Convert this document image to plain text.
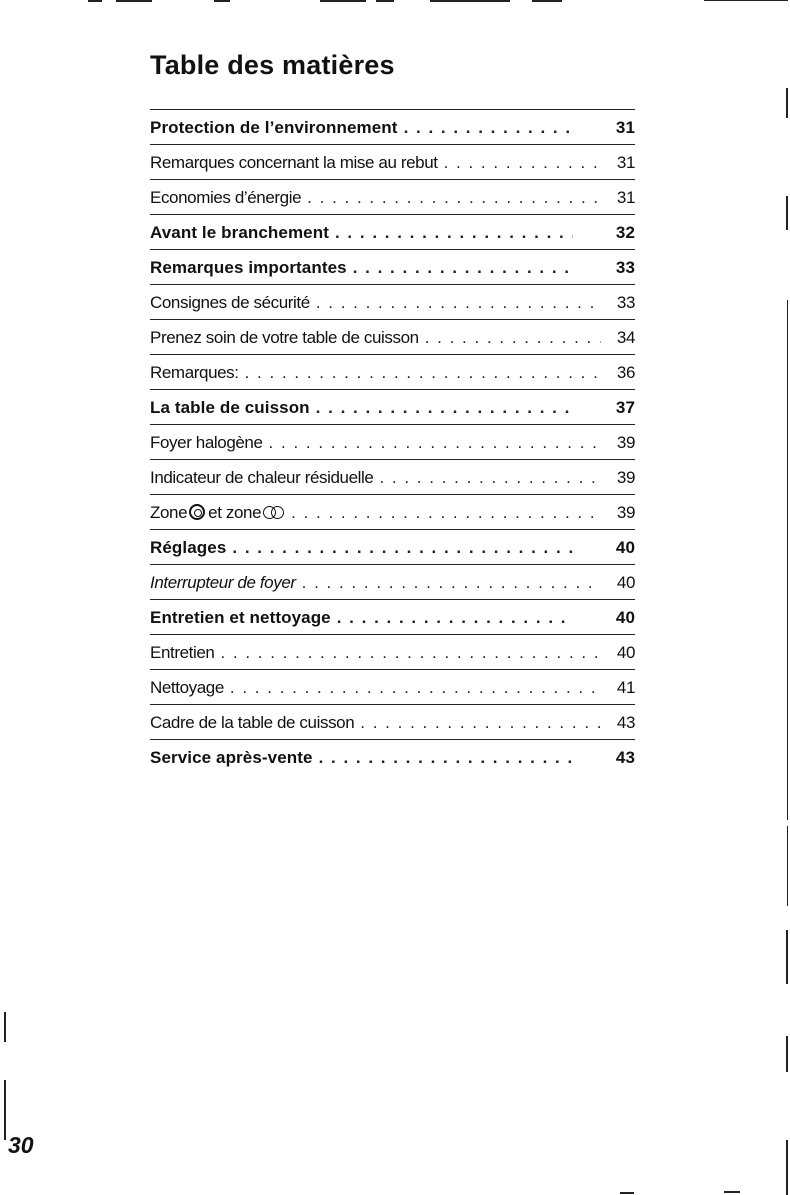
Table des matières
Protection de l’environnement . . .	31
Remarques concernant la mise au rebut . . .	31
Economies d’énergie . . .	31
Avant le branchement . . .	32
Remarques importantes . . .	33
Consignes de sécurité . . .	33
Prenez soin de votre table de cuisson . . .	34
Remarques: . . .	36
La table de cuisson . . .	37
Foyer halogène . . .	39
Indicateur de chaleur résiduelle . . .	39
Zone et zone . . .	39
Réglages . . .	40
Interrupteur de foyer . . .	40
Entretien et nettoyage . . .	40
Entretien . . .	40
Nettoyage . . .	41
Cadre de la table de cuisson . . .	43
Service après-vente . . .	43

30
